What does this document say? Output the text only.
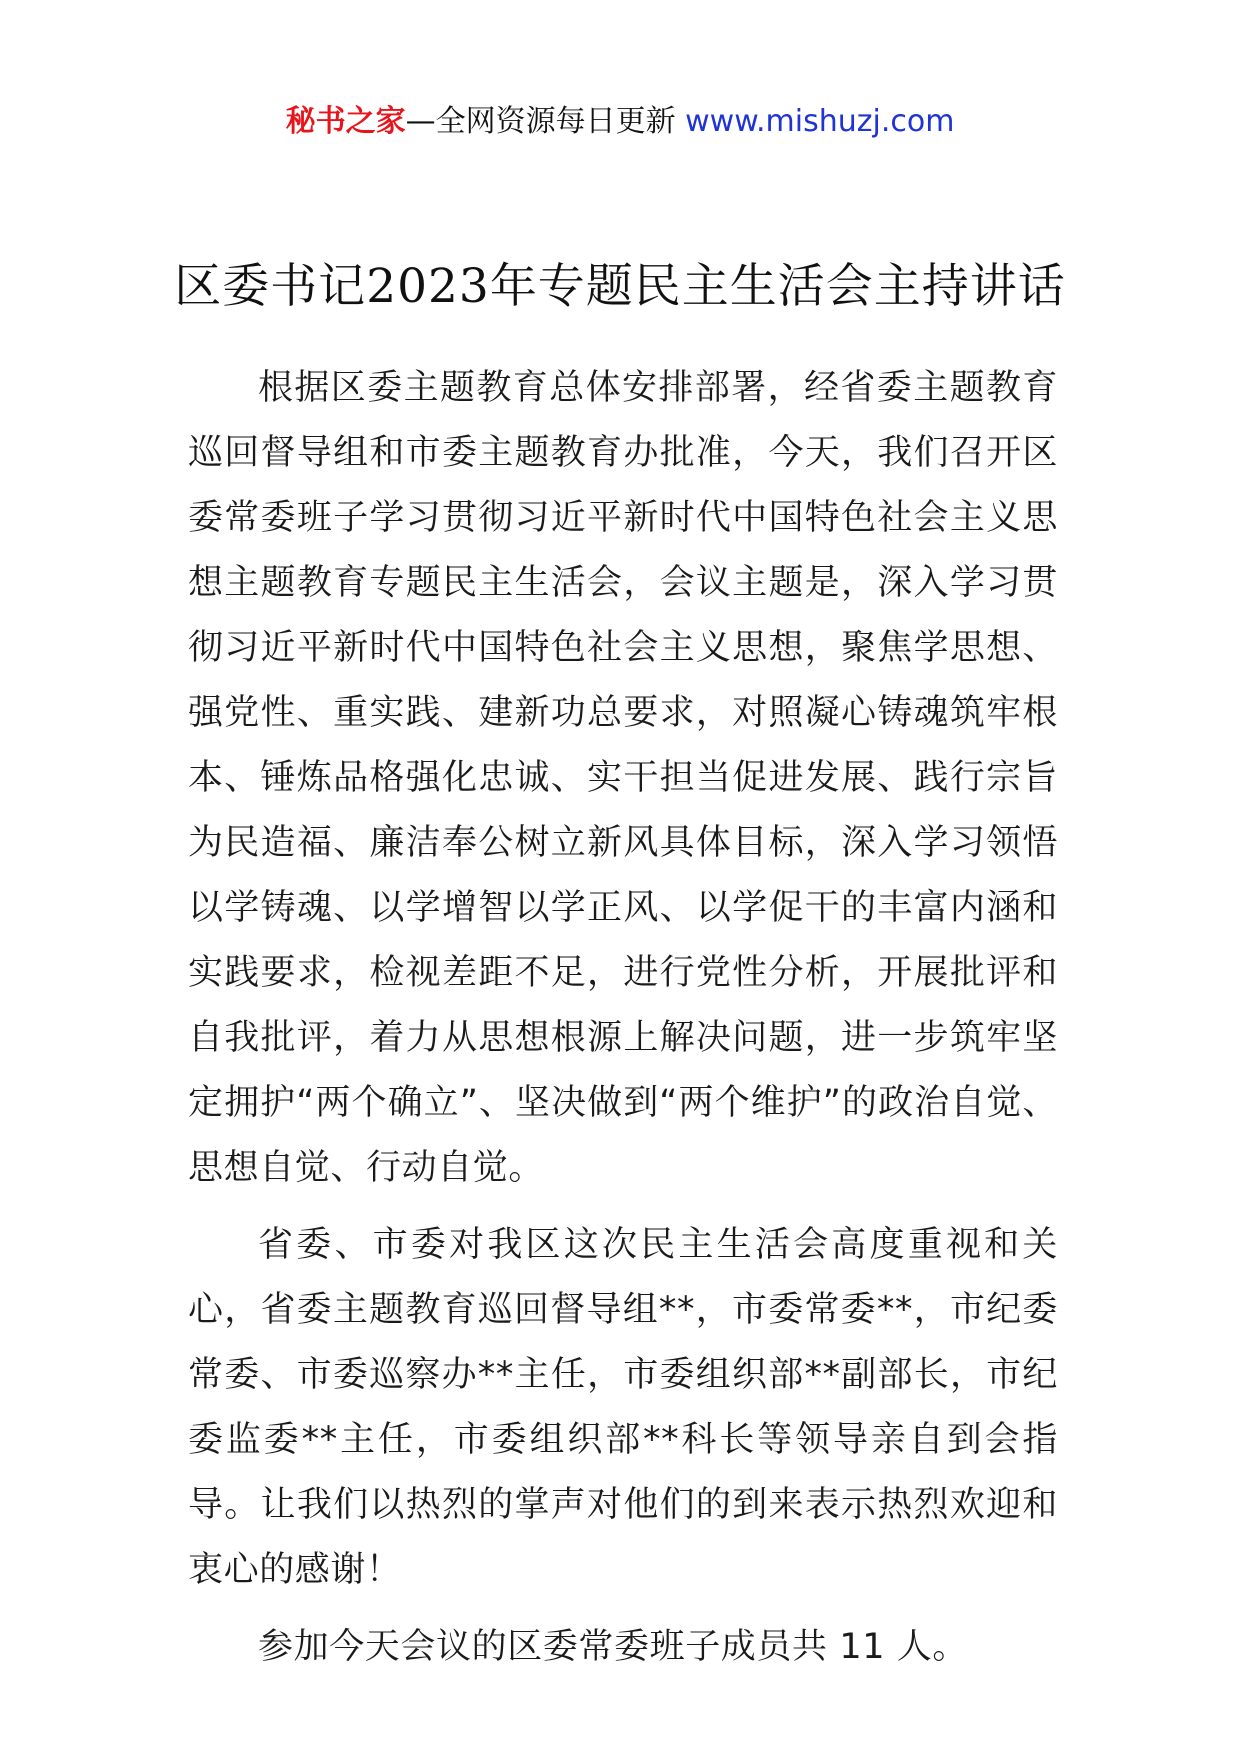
秘书之家—全网资源每日更新 www.mishuzj.com
区委书记2023年专题民主生活会主持讲话

根据区委主题教育总体安排部署，经省委主题教育巡回督导组和市委主题教育办批准，今天，我们召开区委常委班子学习贯彻习近平新时代中国特色社会主义思想主题教育专题民主生活会，会议主题是，深入学习贯彻习近平新时代中国特色社会主义思想，聚焦学思想、强党性、重实践、建新功总要求，对照凝心铸魂筑牢根本、锤炼品格强化忠诚、实干担当促进发展、践行宗旨为民造福、廉洁奉公树立新风具体目标，深入学习领悟以学铸魂、以学增智以学正风、以学促干的丰富内涵和实践要求，检视差距不足，进行党性分析，开展批评和自我批评，着力从思想根源上解决问题，进一步筑牢坚定拥护“两个确立”、坚决做到“两个维护”的政治自觉、思想自觉、行动自觉。

省委、市委对我区这次民主生活会高度重视和关心，省委主题教育巡回督导组**，市委常委**，市纪委常委、市委巡察办**主任，市委组织部**副部长，市纪委监委**主任，市委组织部**科长等领导亲自到会指导。让我们以热烈的掌声对他们的到来表示热烈欢迎和衷心的感谢！

参加今天会议的区委常委班子成员共 11 人。
